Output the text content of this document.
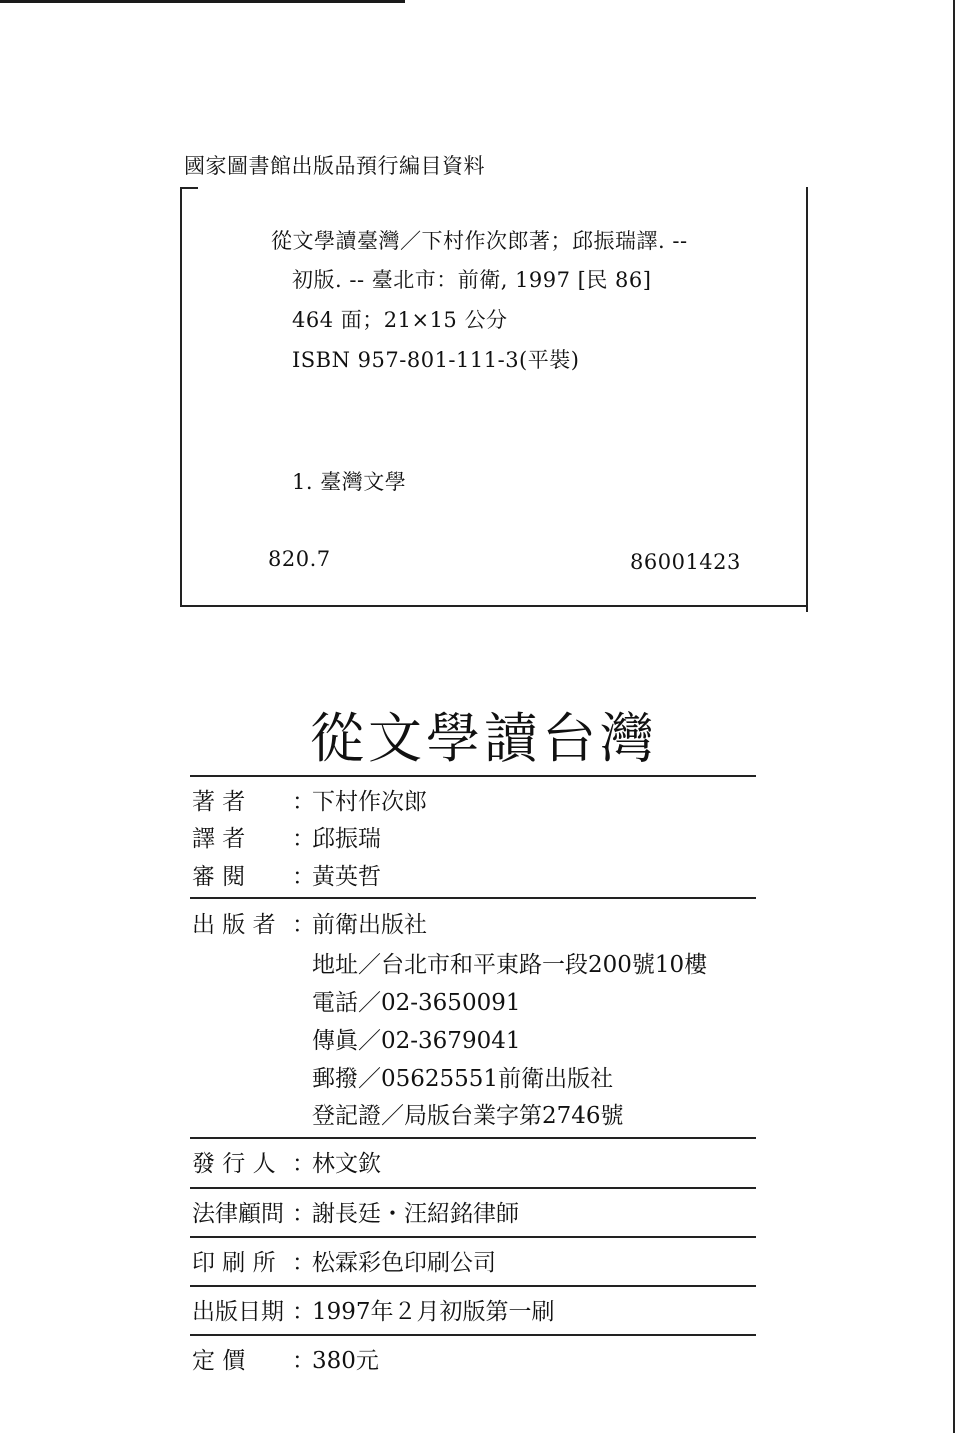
國家圖書館出版品預行編目資料
從文學讀臺灣／下村作次郎著；邱振瑞譯. --
初版. -- 臺北市：前衛, 1997 [民 86]
464 面；21×15 公分
ISBN 957-801-111-3(平裝)
1. 臺灣文學
820.7	86001423
從文學讀台灣
著 者 ：
下村作次郎
譯 者 ：
邱振瑞
審 閱 ：
黃英哲
出 版 者 ：
前衛出版社
地址／台北市和平東路一段200號10樓
電話／02-3650091
傳眞／02-3679041
郵撥／05625551前衛出版社
登記證／局版台業字第2746號
發 行 人 ：
林文欽
法律顧問 ：
謝長廷・汪紹銘律師
印 刷 所 ：
松霖彩色印刷公司
出版日期 ：
1997年２月初版第一刷
定 價 ：
380元
